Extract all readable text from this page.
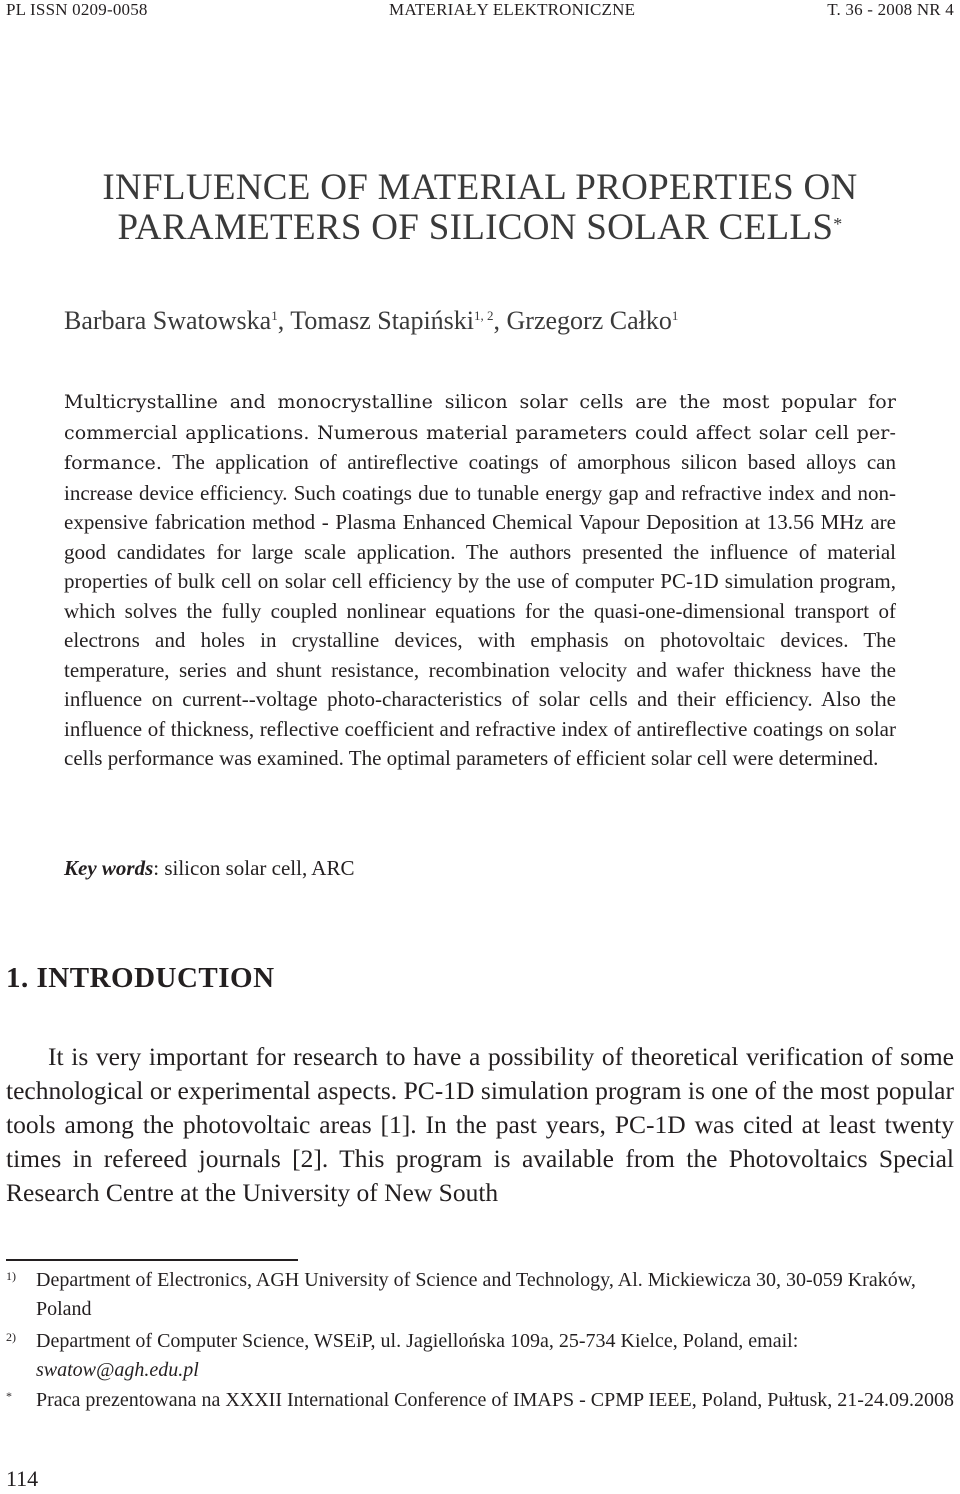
PL ISSN 0209-0058	MATERIAŁY ELEKTRONICZNE	T. 36 - 2008 NR 4
INFLUENCE OF MATERIAL PROPERTIES ON
PARAMETERS OF SILICON SOLAR CELLS*
Barbara Swatowska$^1$, Tomasz Stapiński$^{1, 2}$, Grzegorz Całko$^1$
Multicrystalline and monocrystalline silicon solar cells are the most popular for commercial applications. Numerous material parameters could affect solar cell per-formance. The application of antireflective coatings of amorphous silicon based alloys can increase device efficiency. Such coatings due to tunable energy gap and refractive index and non-expensive fabrication method - Plasma Enhanced Chemical Vapour Deposition at 13.56 MHz are good candidates for large scale application. The authors presented the influence of material properties of bulk cell on solar cell efficiency by the use of computer PC-1D simulation program, which solves the fully coupled nonlinear equations for the quasi-one-dimensional transport of electrons and holes in crystalline devices, with emphasis on photovoltaic devices. The temperature, series and shunt resistance, recombination velocity and wafer thickness have the influence on current--voltage photo-characteristics of solar cells and their efficiency. Also the influence of thickness, reflective coefficient and refractive index of antireflective coatings on solar cells performance was examined. The optimal parameters of efficient solar cell were determined.
Key words: silicon solar cell, ARC
1. INTRODUCTION
It is very important for research to have a possibility of theoretical verification of some technological or experimental aspects. PC-1D simulation program is one of the most popular tools among the photovoltaic areas [1]. In the past years, PC-1D was cited at least twenty times in refereed journals [2]. This program is available from the Photovoltaics Special Research Centre at the University of New South
1) Department of Electronics, AGH University of Science and Technology, Al. Mickiewicza 30, 30-059 Kraków, Poland
2) Department of Computer Science, WSEiP, ul. Jagiellońska 109a, 25-734 Kielce, Poland, email: swatow@agh.edu.pl
* Praca prezentowana na XXXII International Conference of IMAPS - CPMP IEEE, Poland, Pułtusk, 21-24.09.2008
114
